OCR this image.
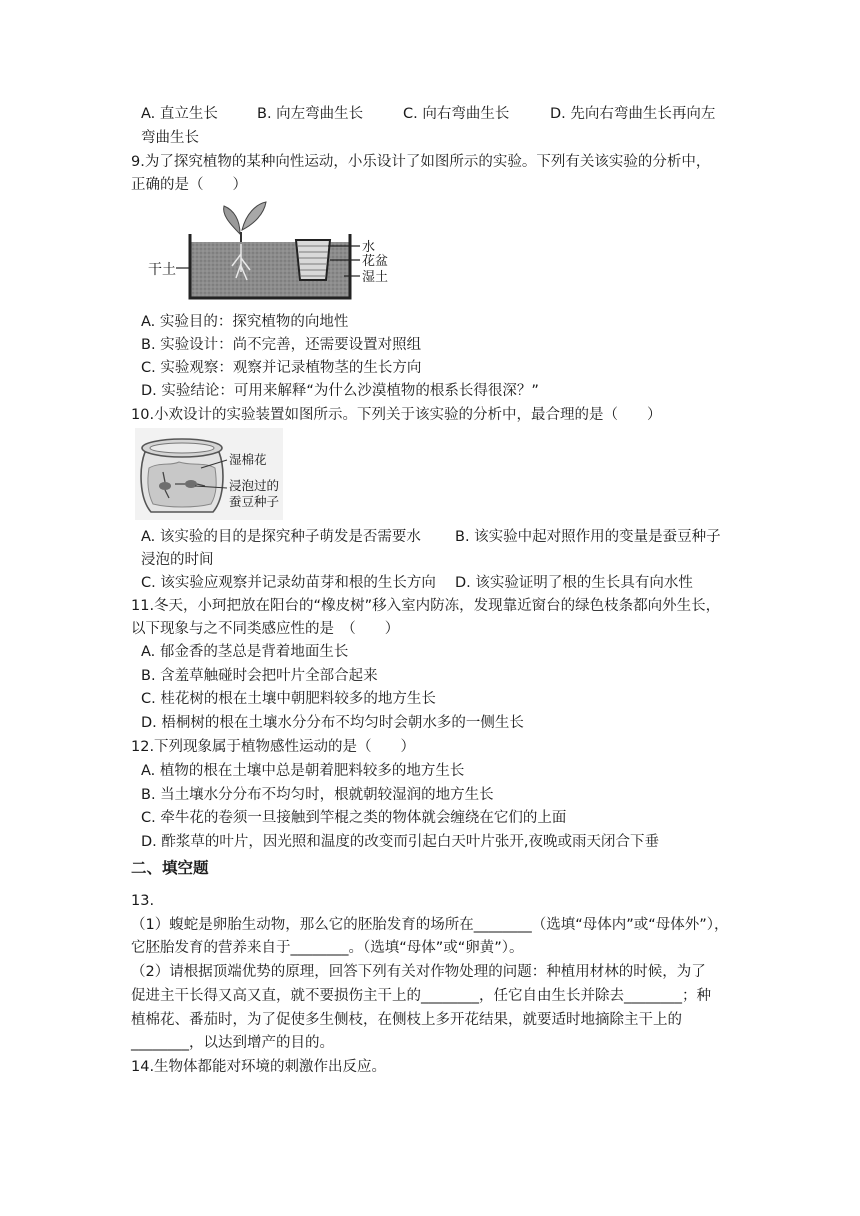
A. 直立生长	B. 向左弯曲生长	C. 向右弯曲生长	D. 先向右弯曲生长再向左
弯曲生长
9.为了探究植物的某种向性运动，小乐设计了如图所示的实验。下列有关该实验的分析中，
正确的是（　　）
干土
水
花盆
湿土
A. 实验目的：探究植物的向地性
B. 实验设计：尚不完善，还需要设置对照组
C. 实验观察：观察并记录植物茎的生长方向
D. 实验结论：可用来解释“为什么沙漠植物的根系长得很深？”
10.小欢设计的实验装置如图所示。下列关于该实验的分析中，最合理的是（　　）
湿棉花
浸泡过的
蚕豆种子
A. 该实验的目的是探究种子萌发是否需要水 B. 该实验中起对照作用的变量是蚕豆种子
浸泡的时间
C. 该实验应观察并记录幼苗芽和根的生长方向 D. 该实验证明了根的生长具有向水性
11.冬天，小珂把放在阳台的“橡皮树”移入室内防冻，发现靠近窗台的绿色枝条都向外生长，
以下现象与之不同类感应性的是　（　　）
A. 郁金香的茎总是背着地面生长
B. 含羞草触碰时会把叶片全部合起来
C. 桂花树的根在土壤中朝肥料较多的地方生长
D. 梧桐树的根在土壤水分分布不均匀时会朝水多的一侧生长
12.下列现象属于植物感性运动的是（　　）
A. 植物的根在土壤中总是朝着肥料较多的地方生长
B. 当土壤水分分布不均匀时，根就朝较湿润的地方生长
C. 牵牛花的卷须一旦接触到竿棍之类的物体就会缠绕在它们的上面
D. 酢浆草的叶片，因光照和温度的改变而引起白天叶片张开,夜晚或雨天闭合下垂
二、填空题
13.
（1）蝮蛇是卵胎生动物，那么它的胚胎发育的场所在________（选填“母体内”或“母体外”），
它胚胎发育的营养来自于________。（选填“母体”或“卵黄”）。
（2）请根据顶端优势的原理，回答下列有关对作物处理的问题：种植用材林的时候，为了
促进主干长得又高又直，就不要损伤主干上的________，任它自由生长并除去________；种
植棉花、番茄时，为了促使多生侧枝，在侧枝上多开花结果，就要适时地摘除主干上的
________，以达到增产的目的。
14.生物体都能对环境的刺激作出反应。
